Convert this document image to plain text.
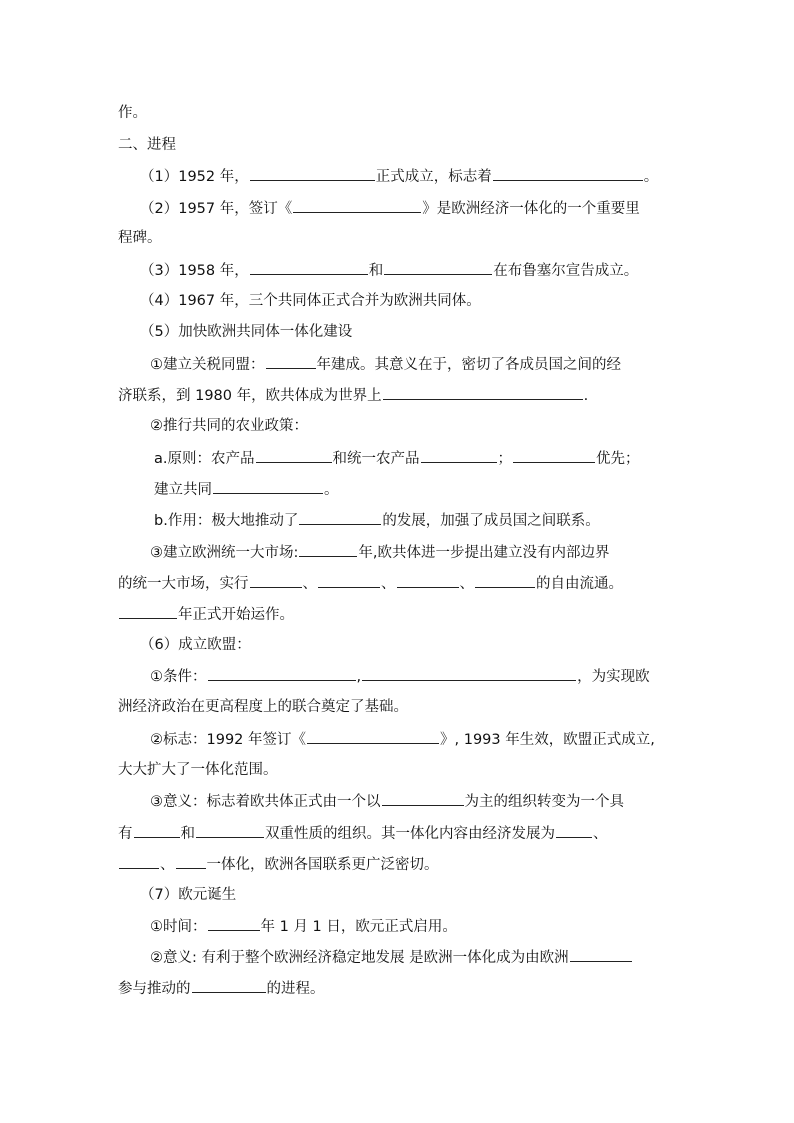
作。
二、进程
（1）1952 年，	正式成立，标志着	。
（2）1957 年，签订《	》是欧洲经济一体化的一个重要里
程碑。
（3）1958 年，	和	在布鲁塞尔宣告成立。
（4）1967 年，三个共同体正式合并为欧洲共同体。
（5）加快欧洲共同体一体化建设
①建立关税同盟：	年建成。其意义在于，密切了各成员国之间的经
济联系，到 1980 年，欧共体成为世界上	.
②推行共同的农业政策：
a.原则：农产品	和统一农产品	；	优先；
建立共同	。
b.作用：极大地推动了	的发展，加强了成员国之间联系。
③建立欧洲统一大市场:	年,欧共体进一步提出建立没有内部边界
的统一大市场，实行	、	、	、	的自由流通。
年正式开始运作。
（6）成立欧盟：
①条件：	,	，为实现欧
洲经济政治在更高程度上的联合奠定了基础。
②标志：1992 年签订《	》, 1993 年生效，欧盟正式成立,
大大扩大了一体化范围。
③意义：标志着欧共体正式由一个以	为主的组织转变为一个具
有	和	双重性质的组织。其一体化内容由经济发展为	、
、 一体化，欧洲各国联系更广泛密切。
（7）欧元诞生
①时间：	年 1 月 1 日，欧元正式启用。
②意义: 有利于整个欧洲经济稳定地发展 是欧洲一体化成为由欧洲
参与推动的	的进程。
